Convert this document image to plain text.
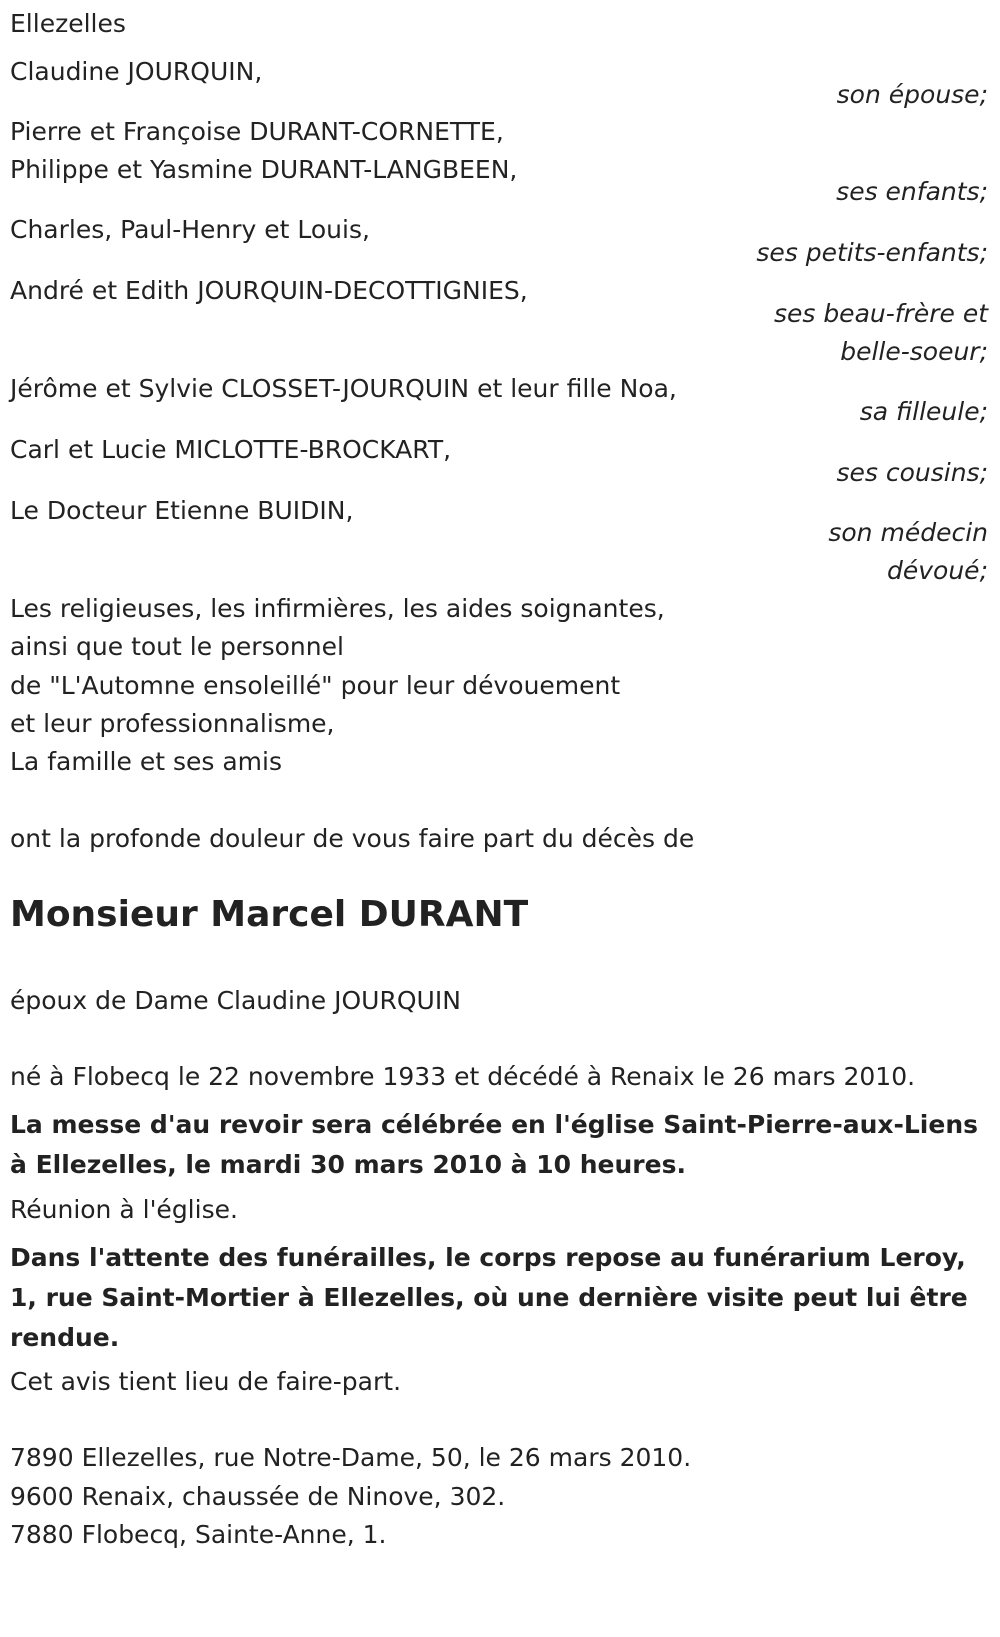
Ellezelles
Claudine JOURQUIN,
son épouse;
Pierre et Françoise DURANT-CORNETTE,
Philippe et Yasmine DURANT-LANGBEEN,
ses enfants;
Charles, Paul-Henry et Louis,
ses petits-enfants;
André et Edith JOURQUIN-DECOTTIGNIES,
ses beau-frère et
belle-soeur;
Jérôme et Sylvie CLOSSET-JOURQUIN et leur fille Noa,
sa filleule;
Carl et Lucie MICLOTTE-BROCKART,
ses cousins;
Le Docteur Etienne BUIDIN,
son médecin
dévoué;
Les religieuses, les infirmières, les aides soignantes,
ainsi que tout le personnel
de "L'Automne ensoleillé" pour leur dévouement
et leur professionnalisme,
La famille et ses amis
ont la profonde douleur de vous faire part du décès de
Monsieur Marcel DURANT
époux de Dame Claudine JOURQUIN
né à Flobecq le 22 novembre 1933 et décédé à Renaix le 26 mars 2010.
La messe d'au revoir sera célébrée en l'église Saint-Pierre-aux-Liens à Ellezelles, le mardi 30 mars 2010 à 10 heures.
Réunion à l'église.
Dans l'attente des funérailles, le corps repose au funérarium Leroy, 1, rue Saint-Mortier à Ellezelles, où une dernière visite peut lui être rendue.
Cet avis tient lieu de faire-part.
7890 Ellezelles, rue Notre-Dame, 50, le 26 mars 2010.
9600 Renaix, chaussée de Ninove, 302.
7880 Flobecq, Sainte-Anne, 1.
